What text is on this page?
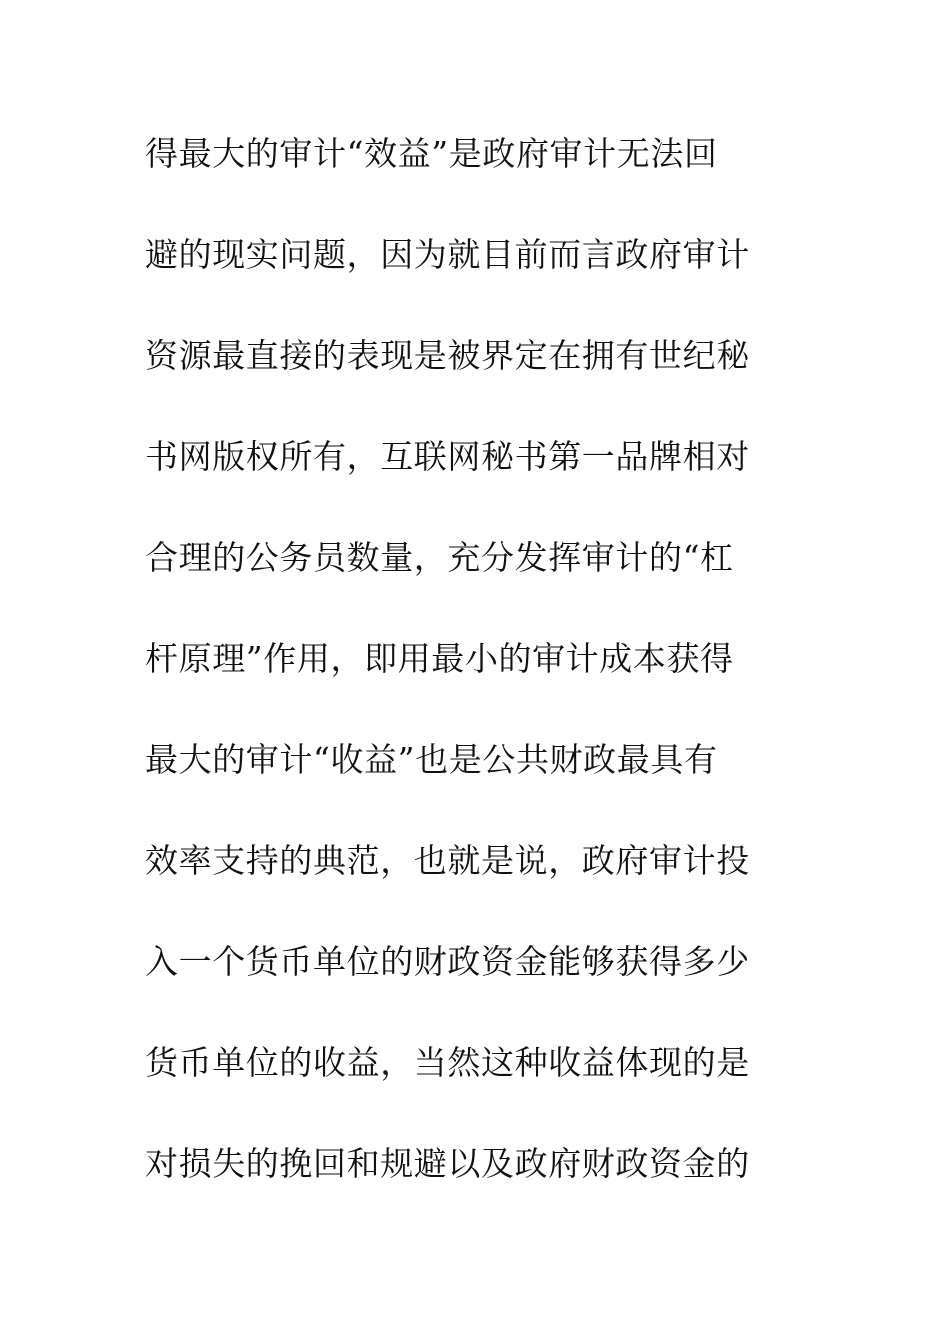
得最大的审计“效益”是政府审计无法回
避的现实问题，因为就目前而言政府审计
资源最直接的表现是被界定在拥有世纪秘
书网版权所有，互联网秘书第一品牌相对
合理的公务员数量，充分发挥审计的“杠
杆原理”作用，即用最小的审计成本获得
最大的审计“收益”也是公共财政最具有
效率支持的典范，也就是说，政府审计投
入一个货币单位的财政资金能够获得多少
货币单位的收益，当然这种收益体现的是
对损失的挽回和规避以及政府财政资金的
